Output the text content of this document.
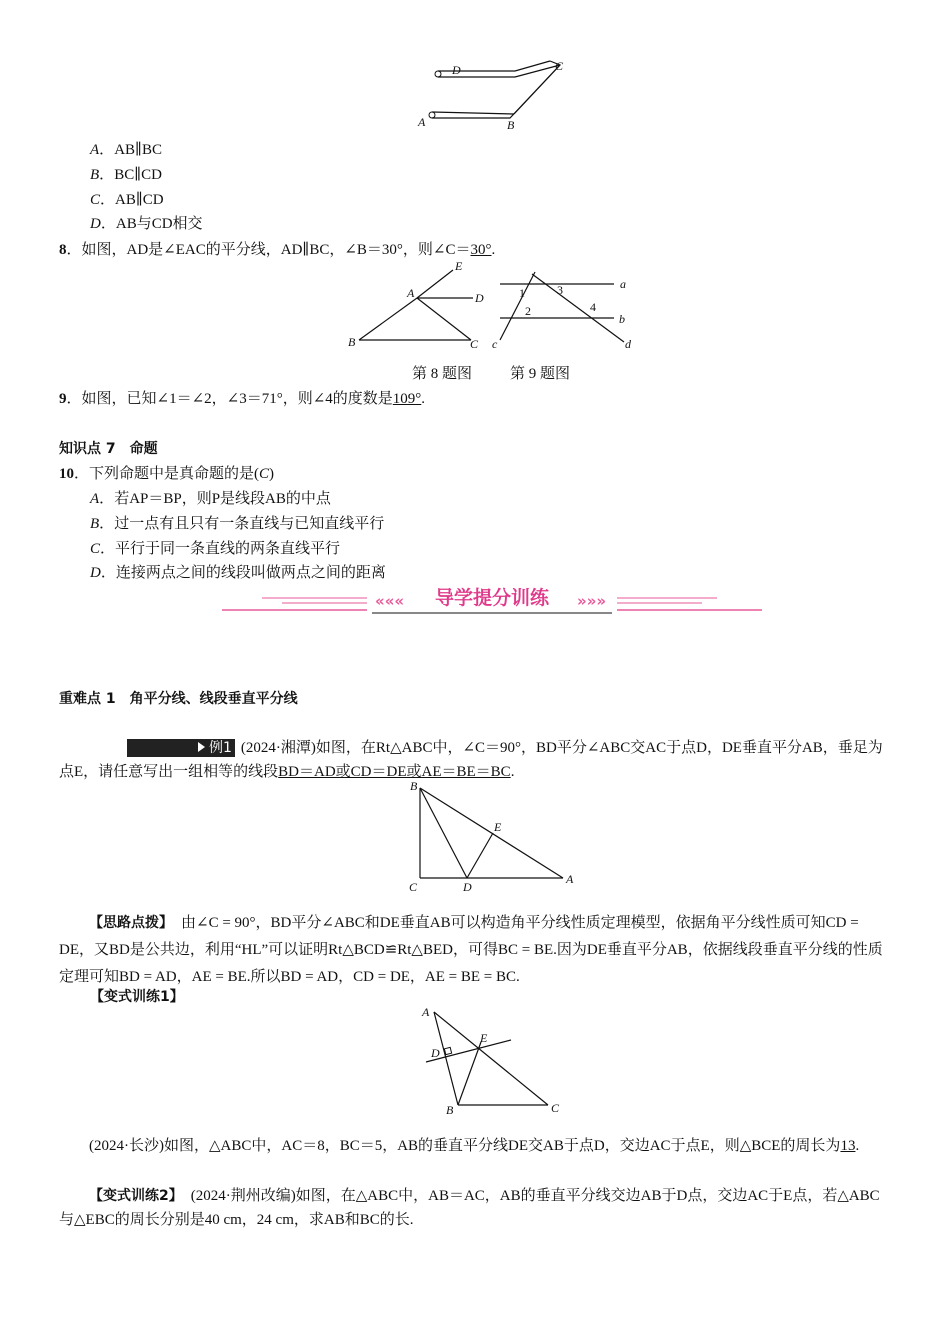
D	C
A	B
A．AB∥BC
B．BC∥CD
C．AB∥CD
D．AB与CD相交
8．如图，AD是∠EAC的平分线，AD∥BC，∠B＝30°，则∠C＝30°.
E
A	D
B	C
a
b
c	d
1
2
3
4
第 8 题图	第 9 题图
9．如图，已知∠1＝∠2，∠3＝71°，则∠4的度数是109°.
知识点 7　命题
10．下列命题中是真命题的是(C)
A．若AP＝BP，则P是线段AB的中点
B．过一点有且只有一条直线与已知直线平行
C．平行于同一条直线的两条直线平行
D．连接两点之间的线段叫做两点之间的距离
«««	»»»
导学提分训练
重难点 1　角平分线、线段垂直平分线
例1 (2024·湘潭)如图，在Rt△ABC中，∠C＝90°，BD平分∠ABC交AC于点D，DE垂直平分AB，垂足为点E，请任意写出一组相等的线段BD＝AD或CD＝DE或AE＝BE＝BC.
B
E
C	D
A
【思路点拨】　 由∠C = 90°，BD平分∠ABC和DE垂直AB可以构造角平分线性质定理模型，依据角平分线性质可知CD = DE，又BD是公共边，利用“HL”可以证明Rt△BCD≌Rt△BED，可得BC = BE.因为DE垂直平分AB，依据线段垂直平分线的性质定理可知BD = AD，AE = BE.所以BD = AD，CD = DE，AE = BE = BC.
【变式训练1】
A
D
E
B	C
(2024·长沙)如图，△ABC中，AC＝8，BC＝5，AB的垂直平分线DE交AB于点D，交边AC于点E，则△BCE的周长为13.
【变式训练2】　 (2024·荆州改编)如图，在△ABC中，AB＝AC，AB的垂直平分线交边AB于D点，交边AC于E点，若△ABC与△EBC的周长分别是40 cm，24 cm，求AB和BC的长.
